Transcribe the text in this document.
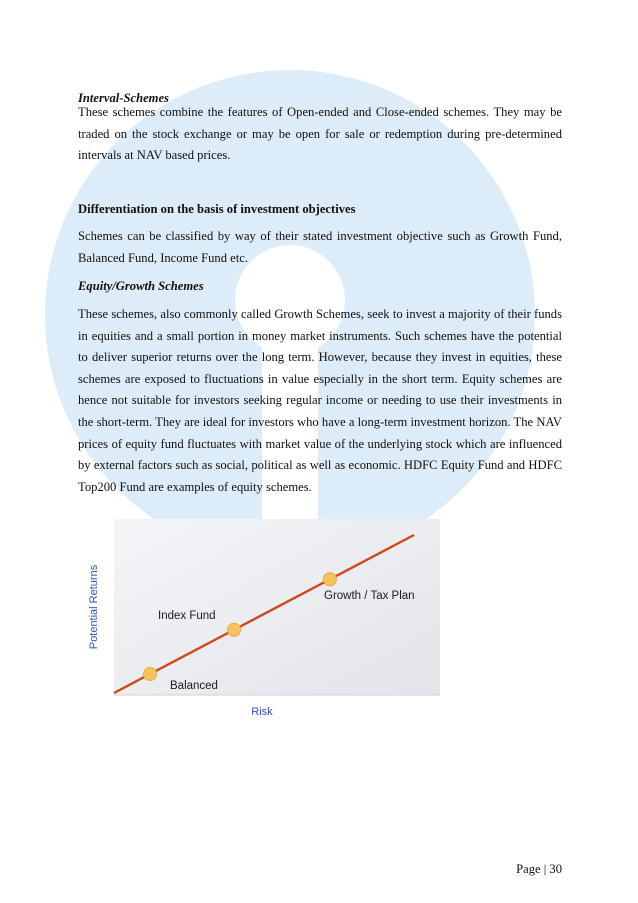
Interval-Schemes

These schemes combine the features of Open-ended and Close-ended schemes. They may be traded on the stock exchange or may be open for sale or redemption during pre-determined intervals at NAV based prices.

Differentiation on the basis of investment objectives

Schemes can be classified by way of their stated investment objective such as Growth Fund, Balanced Fund, Income Fund etc.

Equity/Growth Schemes

These schemes, also commonly called Growth Schemes, seek to invest a majority of their funds in equities and a small portion in money market instruments. Such schemes have the potential to deliver superior returns over the long term. However, because they invest in equities, these schemes are exposed to fluctuations in value especially in the short term. Equity schemes are hence not suitable for investors seeking regular income or needing to use their investments in the short-term. They are ideal for investors who have a long-term investment horizon. The NAV prices of equity fund fluctuates with market value of the underlying stock which are influenced by external factors such as social, political as well as economic. HDFC Equity Fund and HDFC Top200 Fund are examples of equity schemes.

Potential Returns
Risk
Balanced
Index Fund
Growth / Tax Plan
Page | 30
